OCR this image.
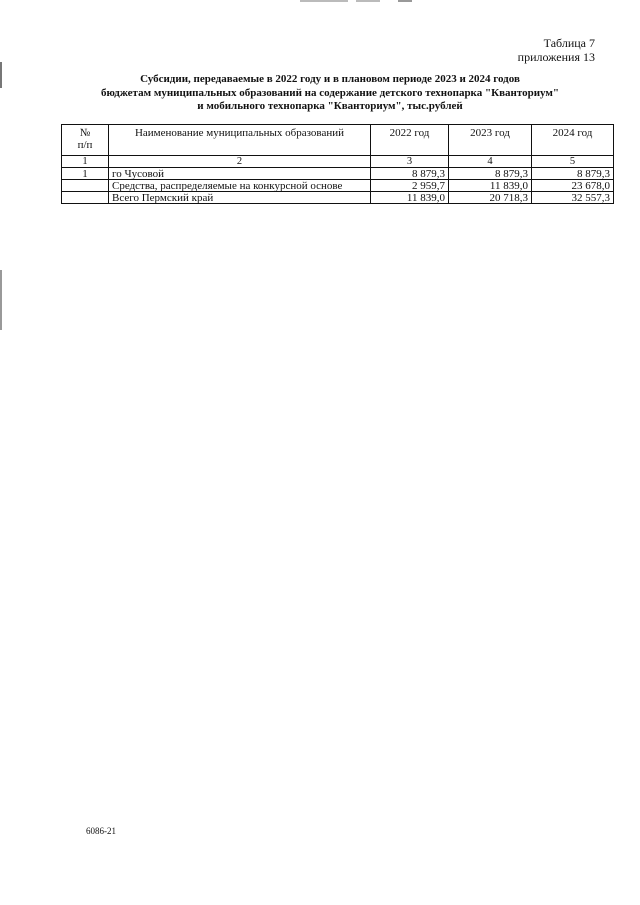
Таблица 7
приложения 13
Субсидии, передаваемые в 2022 году и в плановом периоде 2023 и 2024 годов
бюджетам муниципальных образований на содержание детского технопарка "Кванториум"
и мобильного технопарка "Кванториум", тыс.рублей
№
п/п	Наименование муниципальных образований	2022 год	2023 год	2024 год
1	2	3	4	5
1	го Чусовой	8 879,3	8 879,3	8 879,3
	Средства, распределяемые на конкурсной основе	2 959,7	11 839,0	23 678,0
	Всего Пермский край	11 839,0	20 718,3	32 557,3
6086-21
